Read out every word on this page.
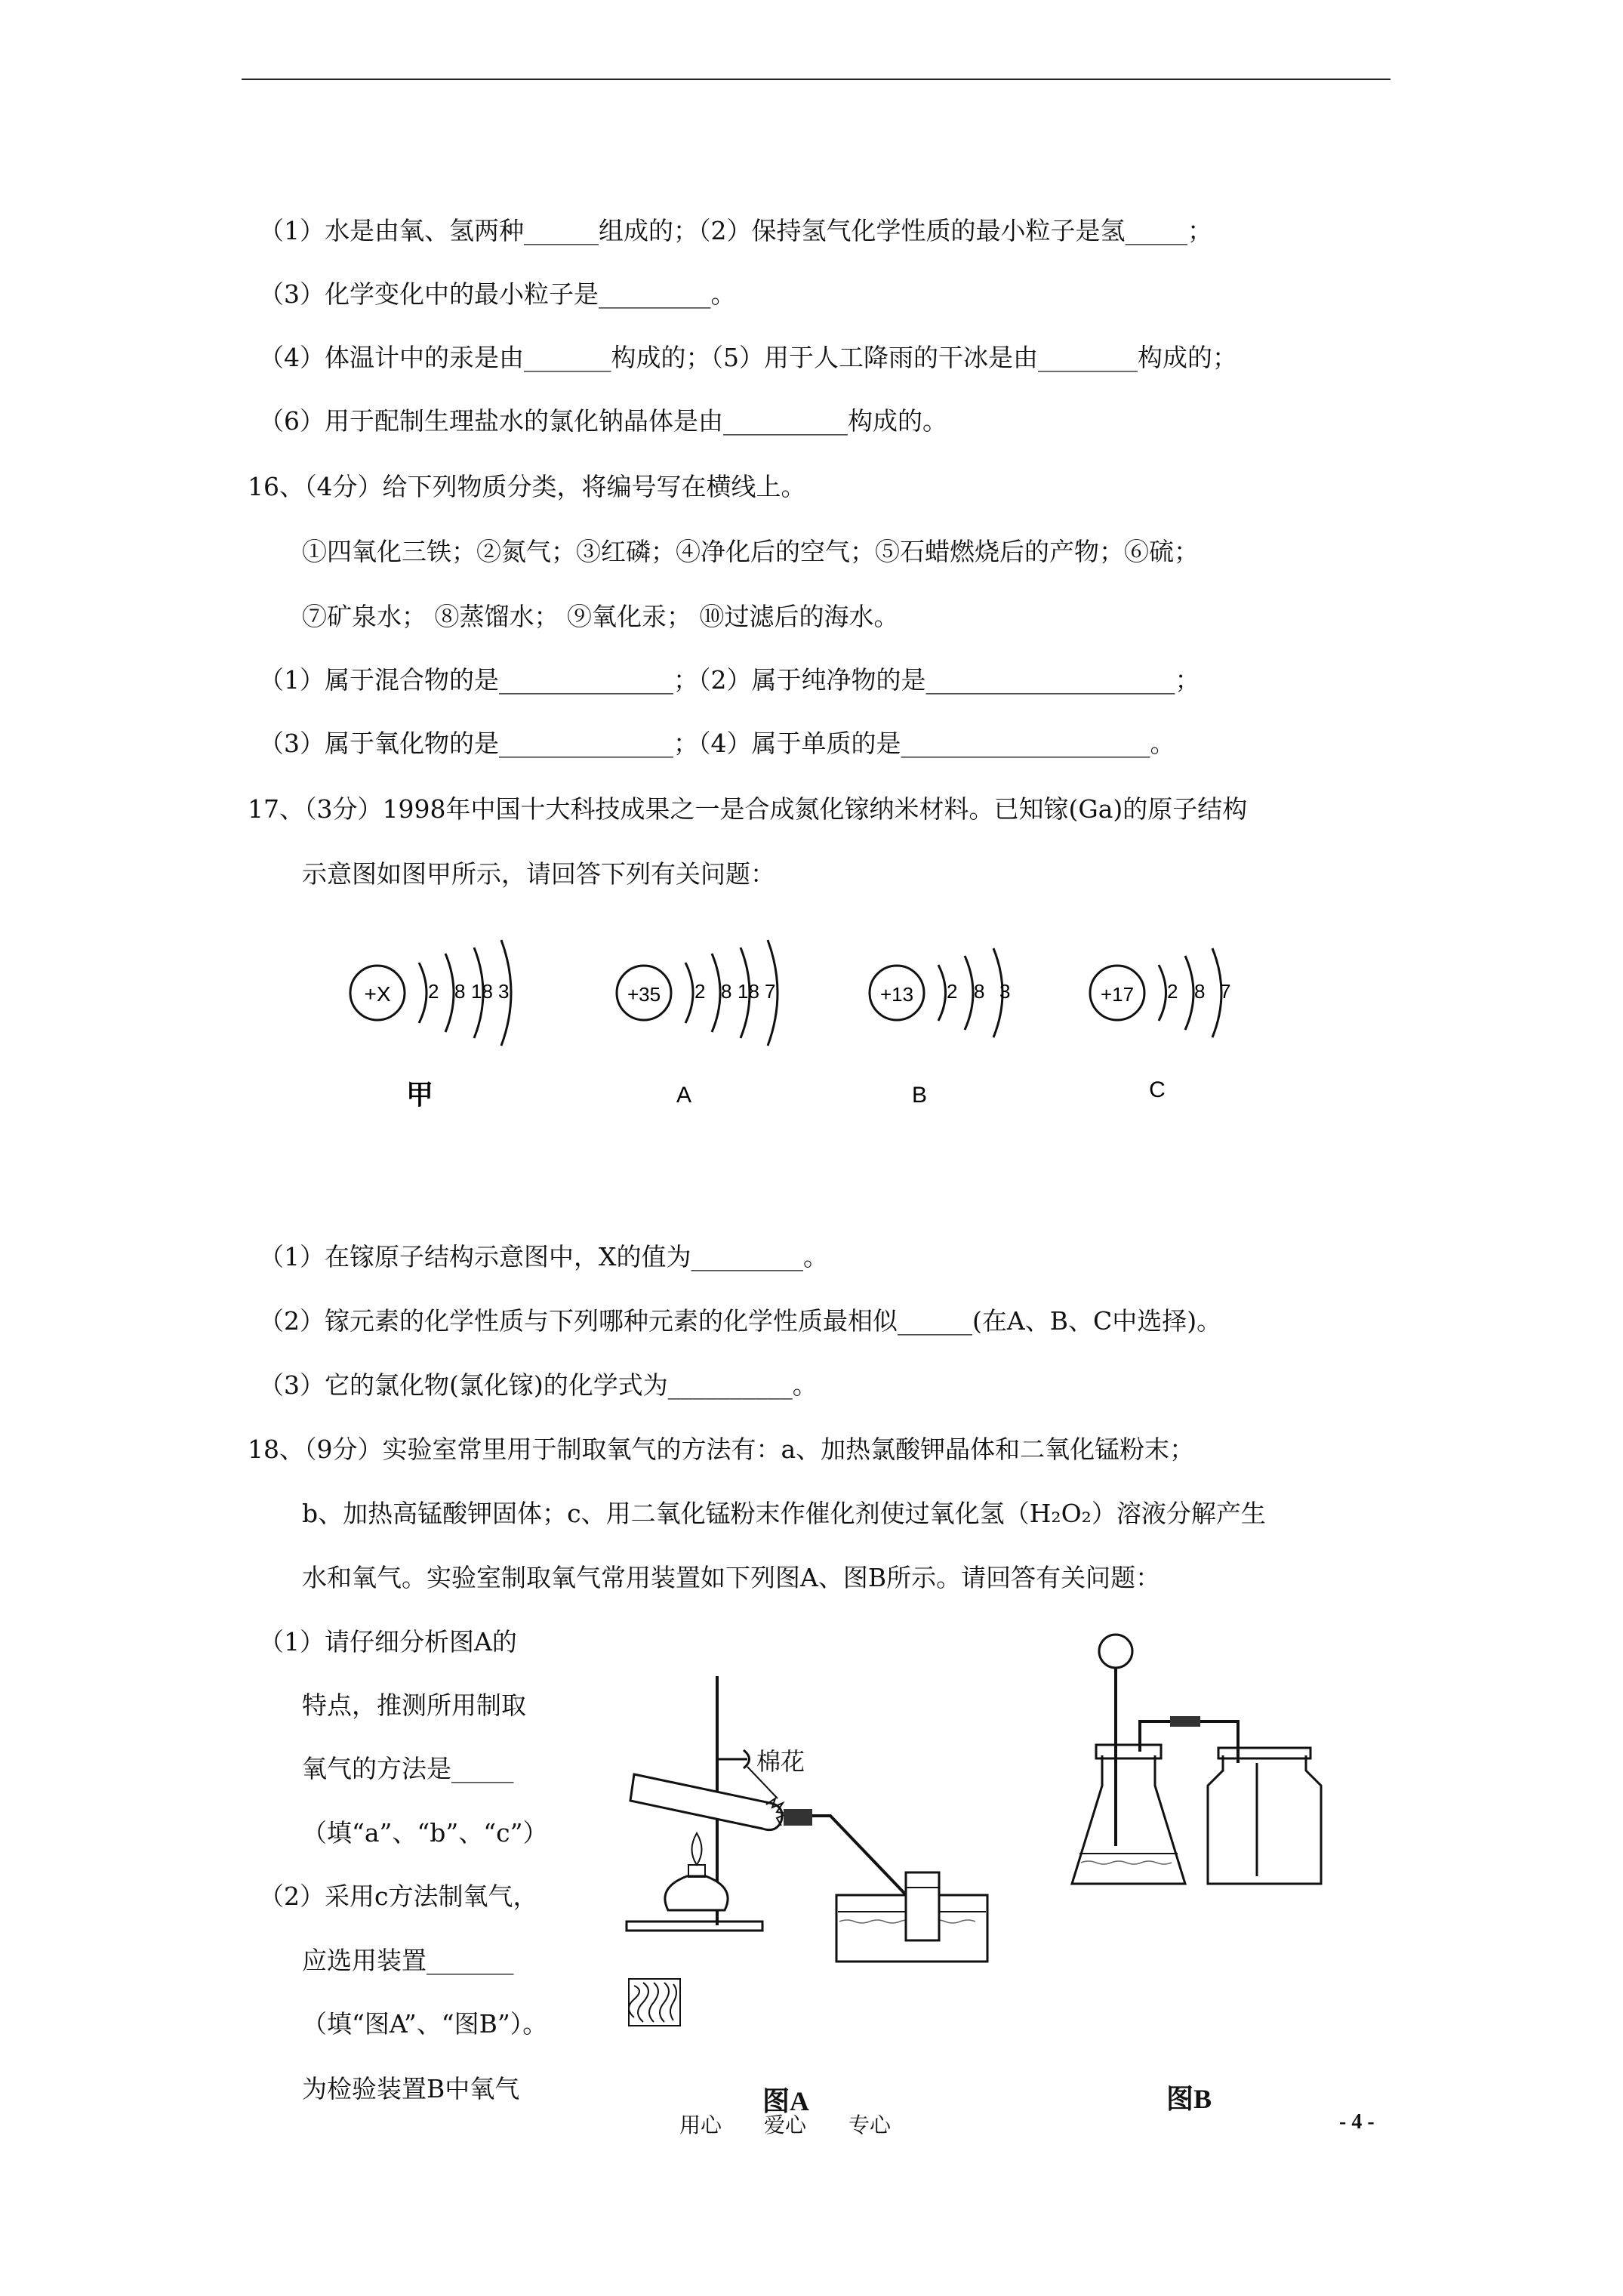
（1）水是由氧、氢两种______组成的；（2）保持氢气化学性质的最小粒子是氢_____；
（3）化学变化中的最小粒子是_________。
（4）体温计中的汞是由_______构成的；（5）用于人工降雨的干冰是由________构成的；
（6）用于配制生理盐水的氯化钠晶体是由__________构成的。
16、（4分）给下列物质分类，将编号写在横线上。
①四氧化三铁；②氮气；③红磷；④净化后的空气；⑤石蜡燃烧后的产物；⑥硫；
⑦矿泉水； ⑧蒸馏水； ⑨氧化汞； ⑩过滤后的海水。
（1）属于混合物的是______________；（2）属于纯净物的是____________________；
（3）属于氧化物的是______________；（4）属于单质的是____________________。
17、（3分）1998年中国十大科技成果之一是合成氮化镓纳米材料。已知镓(Ga)的原子结构
示意图如图甲所示，请回答下列有关问题：
+X 2 8 18 3
甲
+35 2 8 18 7
A
+13 2 8 3
B
+17 2 8 7
C
（1）在镓原子结构示意图中，X的值为_________。
（2）镓元素的化学性质与下列哪种元素的化学性质最相似______(在A、B、C中选择)。
（3）它的氯化物(氯化镓)的化学式为__________。
18、（9分）实验室常里用于制取氧气的方法有：a、加热氯酸钾晶体和二氧化锰粉末；
b、加热高锰酸钾固体；c、用二氧化锰粉末作催化剂使过氧化氢（H₂O₂）溶液分解产生
水和氧气。实验室制取氧气常用装置如下列图A、图B所示。请回答有关问题：
（1）请仔细分析图A的
特点，推测所用制取
氧气的方法是_____
（填“a”、“b”、“c”）
（2）采用c方法制氧气，
应选用装置_______
（填“图A”、“图B”）。
为检验装置B中氧气
棉花
图A	图B
用心 爱心 专心	- 4 -
